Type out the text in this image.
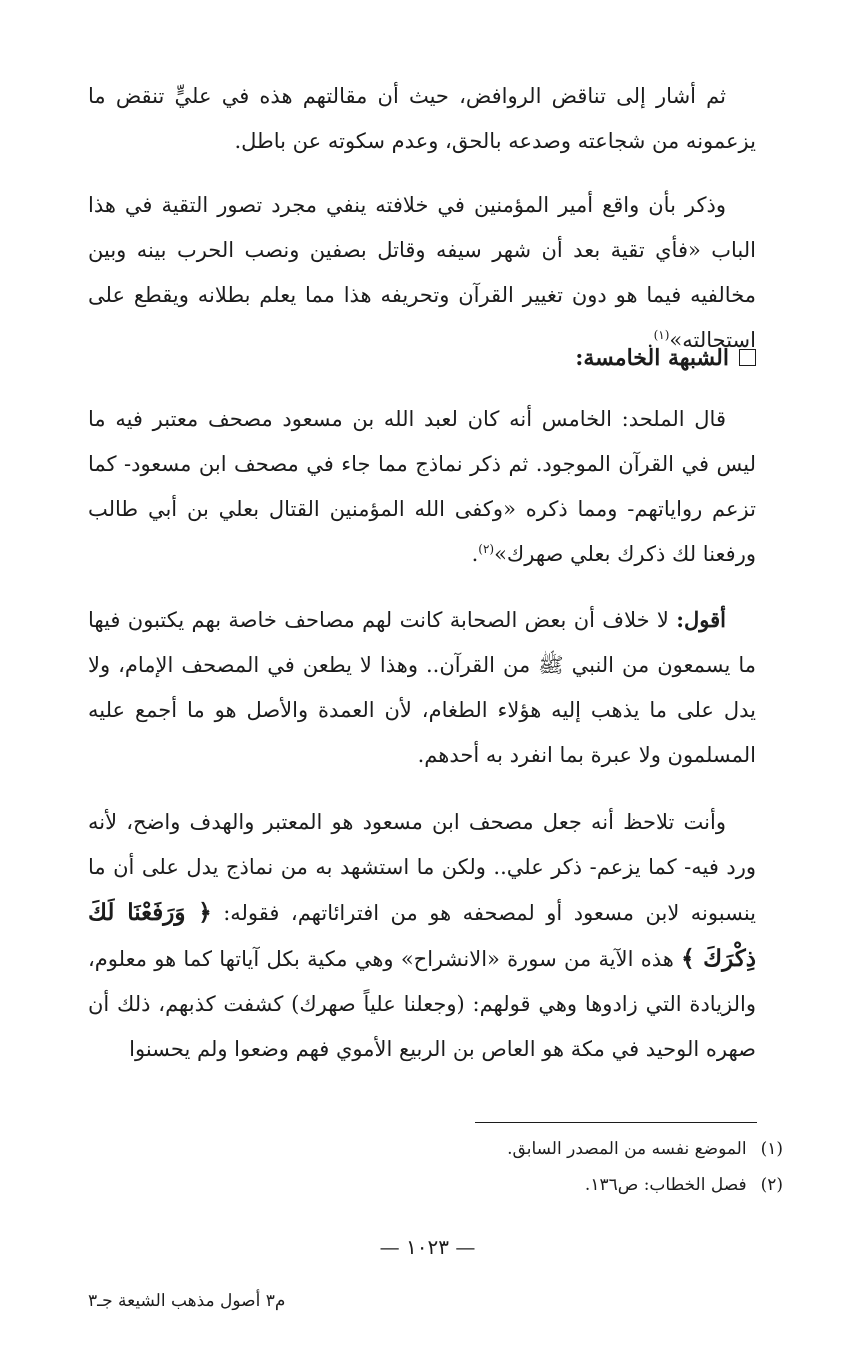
ثم أشار إلى تناقض الروافض، حيث أن مقالتهم هذه في عليٍّ تنقض ما يزعمونه من شجاعته وصدعه بالحق، وعدم سكوته عن باطل.

وذكر بأن واقع أمير المؤمنين في خلافته ينفي مجرد تصور التقية في هذا الباب «فأي تقية بعد أن شهر سيفه وقاتل بصفين ونصب الحرب بينه وبين مخالفيه فيما هو دون تغيير القرآن وتحريفه هذا مما يعلم بطلانه ويقطع على استحالته»$^{(١)}$.

الشبهة الخامسة:

قال الملحد: الخامس أنه كان لعبد الله بن مسعود مصحف معتبر فيه ما ليس في القرآن الموجود. ثم ذكر نماذج مما جاء في مصحف ابن مسعود- كما تزعم رواياتهم- ومما ذكره «وكفى الله المؤمنين القتال بعلي بن أبي طالب ورفعنا لك ذكرك بعلي صهرك»$^{(٢)}$.

أقول: لا خلاف أن بعض الصحابة كانت لهم مصاحف خاصة بهم يكتبون فيها ما يسمعون من النبي ﷺ من القرآن.. وهذا لا يطعن في المصحف الإمام، ولا يدل على ما يذهب إليه هؤلاء الطغام، لأن العمدة والأصل هو ما أجمع عليه المسلمون ولا عبرة بما انفرد به أحدهم.

وأنت تلاحظ أنه جعل مصحف ابن مسعود هو المعتبر والهدف واضح، لأنه ورد فيه- كما يزعم- ذكر علي.. ولكن ما استشهد به من نماذج يدل على أن ما ينسبونه لابن مسعود أو لمصحفه هو من افترائاتهم، فقوله: ﴿ وَرَفَعْنَا لَكَ ذِكْرَكَ ﴾ هذه الآية من سورة «الانشراح» وهي مكية بكل آياتها كما هو معلوم، والزيادة التي زادوها وهي قولهم: (وجعلنا علياً صهرك) كشفت كذبهم، ذلك أن صهره الوحيد في مكة هو العاص بن الربيع الأموي فهم وضعوا ولم يحسنوا

(١)الموضع نفسه من المصدر السابق.

(٢)فصل الخطاب: ص١٣٦.

— ١٠٢٣ —
م٣ أصول مذهب الشيعة جـ٣
